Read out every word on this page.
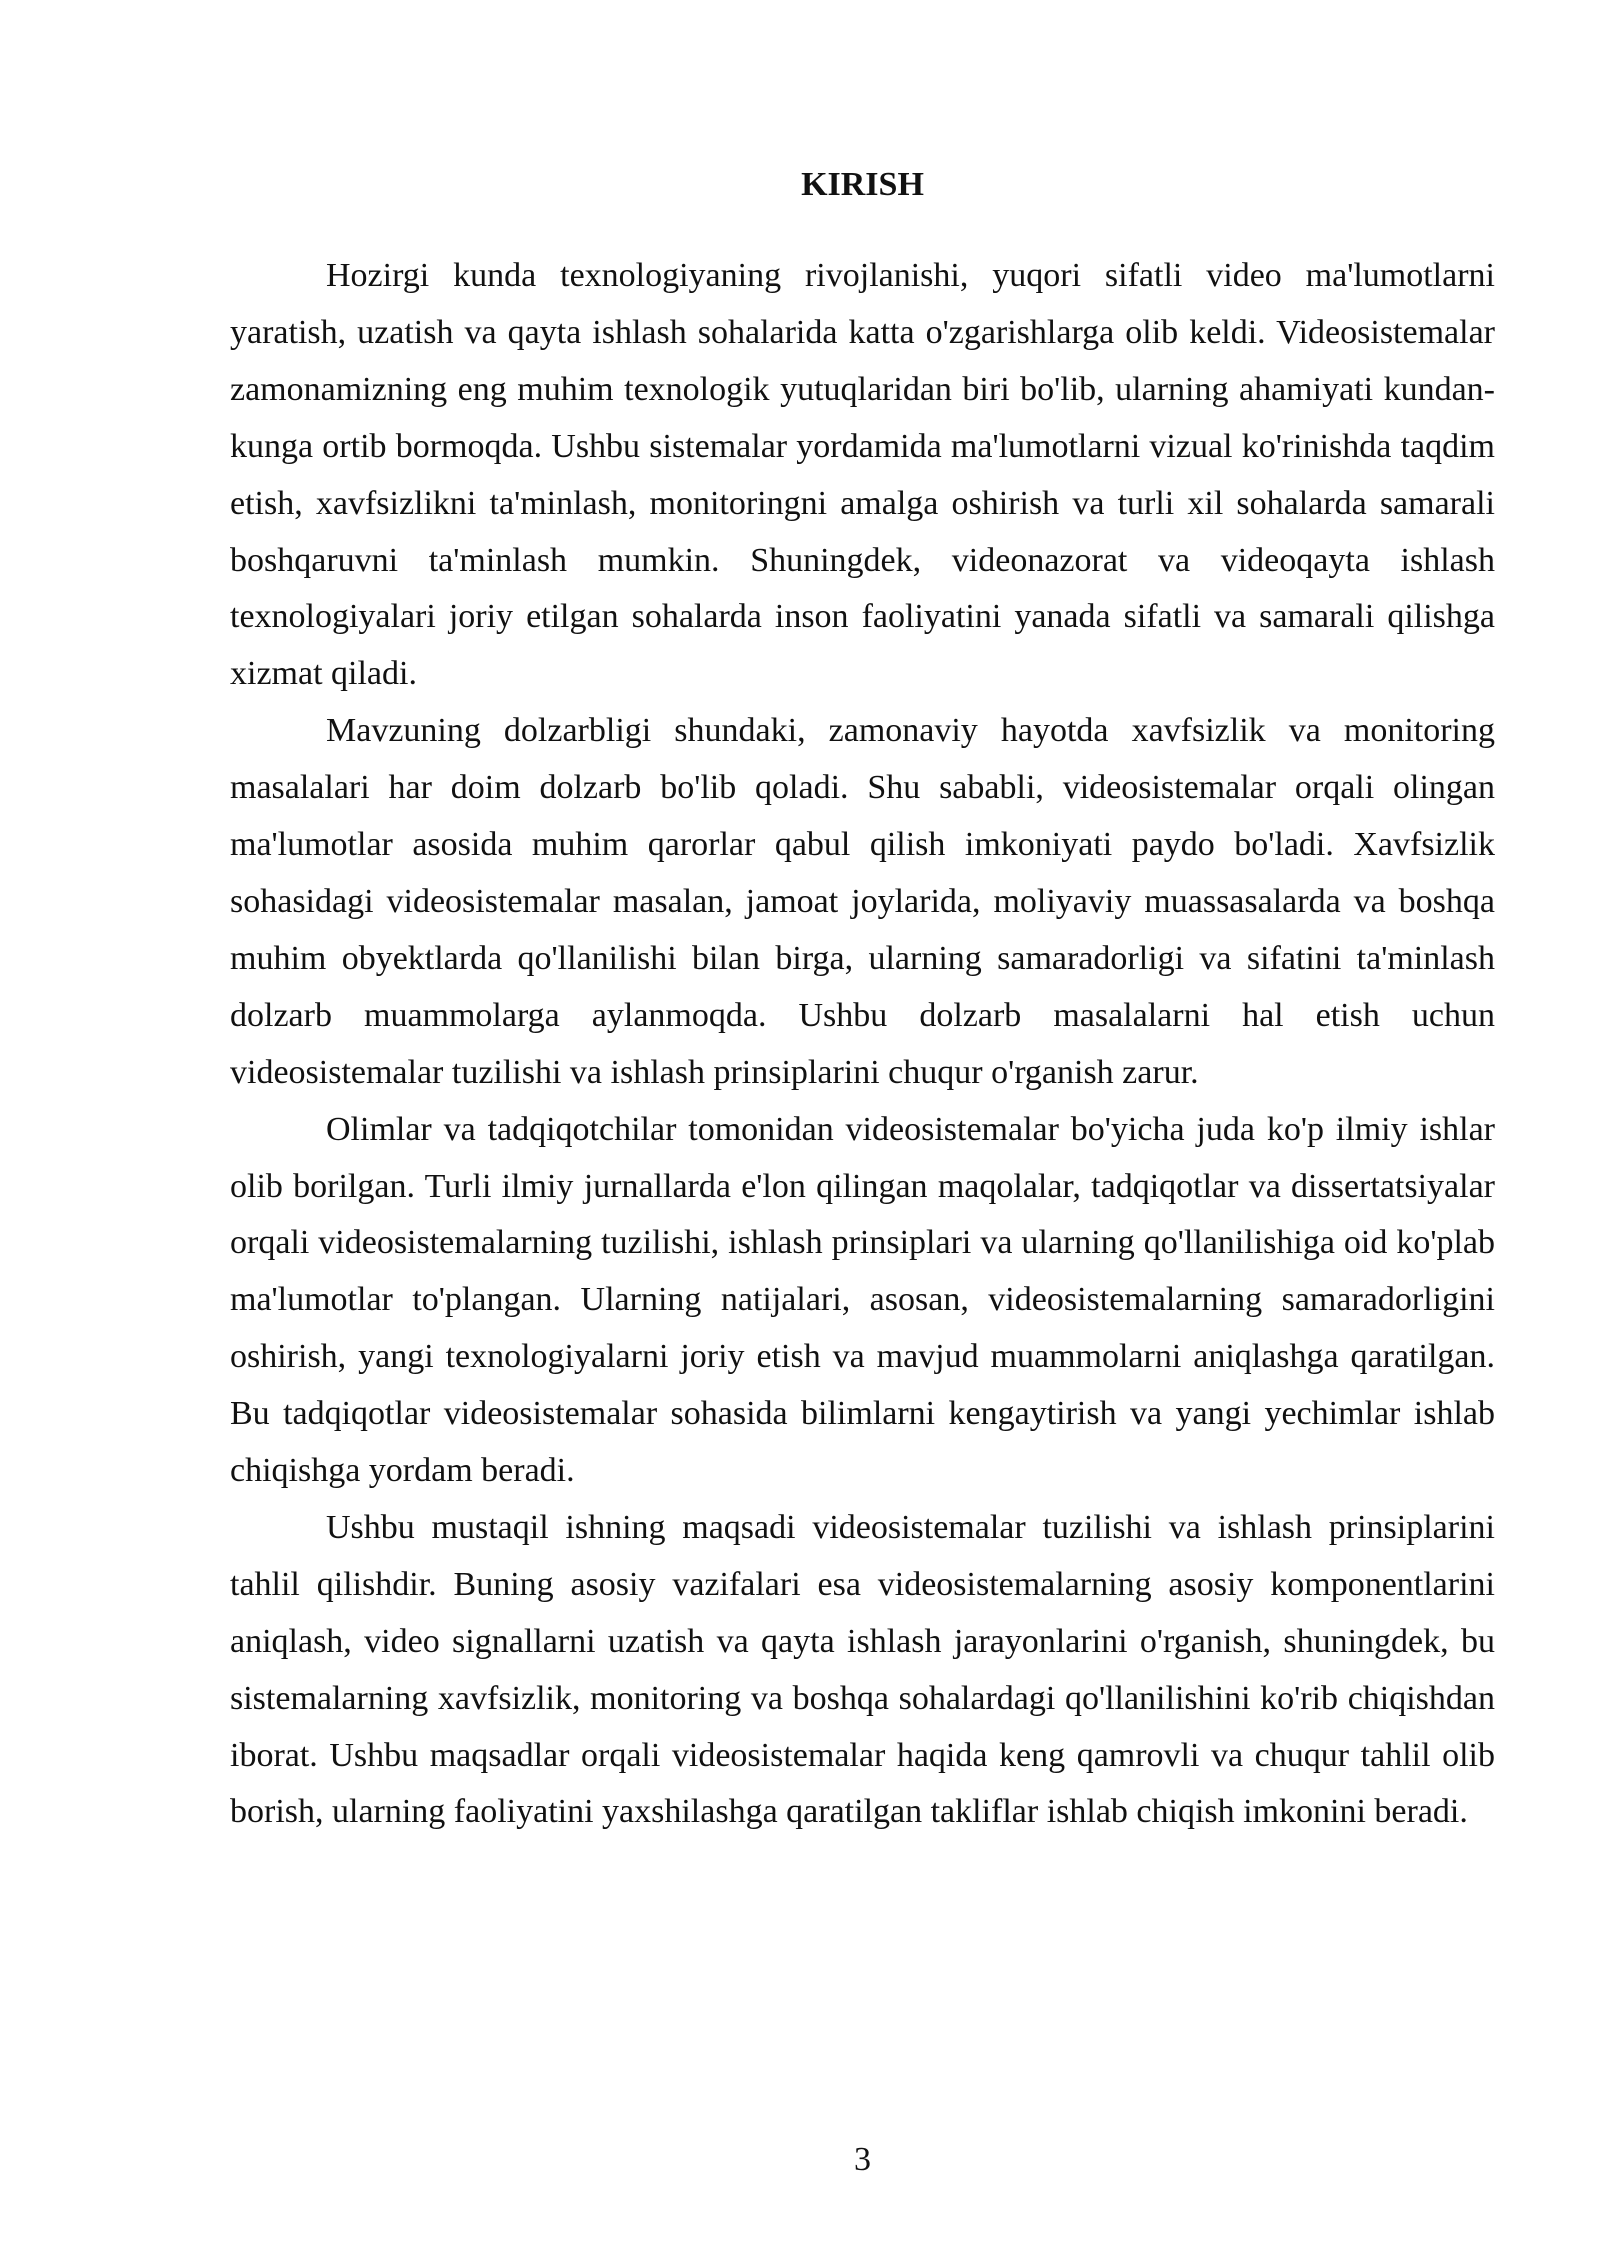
KIRISH

Hozirgi kunda texnologiyaning rivojlanishi, yuqori sifatli video ma'lumotlarni yaratish, uzatish va qayta ishlash sohalarida katta o'zgarishlarga olib keldi. Videosistemalar zamonamizning eng muhim texnologik yutuqlaridan biri bo'lib, ularning ahamiyati kundan-kunga ortib bormoqda. Ushbu sistemalar yordamida ma'lumotlarni vizual ko'rinishda taqdim etish, xavfsizlikni ta'minlash, monitoringni amalga oshirish va turli xil sohalarda samarali boshqaruvni ta'minlash mumkin. Shuningdek, videonazorat va videoqayta ishlash texnologiyalari joriy etilgan sohalarda inson faoliyatini yanada sifatli va samarali qilishga xizmat qiladi.

Mavzuning dolzarbligi shundaki, zamonaviy hayotda xavfsizlik va monitoring masalalari har doim dolzarb bo'lib qoladi. Shu sababli, videosistemalar orqali olingan ma'lumotlar asosida muhim qarorlar qabul qilish imkoniyati paydo bo'ladi. Xavfsizlik sohasidagi videosistemalar masalan, jamoat joylarida, moliyaviy muassasalarda va boshqa muhim obyektlarda qo'llanilishi bilan birga, ularning samaradorligi va sifatini ta'minlash dolzarb muammolarga aylanmoqda. Ushbu dolzarb masalalarni hal etish uchun videosistemalar tuzilishi va ishlash prinsiplarini chuqur o'rganish zarur.

Olimlar va tadqiqotchilar tomonidan videosistemalar bo'yicha juda ko'p ilmiy ishlar olib borilgan. Turli ilmiy jurnallarda e'lon qilingan maqolalar, tadqiqotlar va dissertatsiyalar orqali videosistemalarning tuzilishi, ishlash prinsiplari va ularning qo'llanilishiga oid ko'plab ma'lumotlar to'plangan. Ularning natijalari, asosan, videosistemalarning samaradorligini oshirish, yangi texnologiyalarni joriy etish va mavjud muammolarni aniqlashga qaratilgan. Bu tadqiqotlar videosistemalar sohasida bilimlarni kengaytirish va yangi yechimlar ishlab chiqishga yordam beradi.

Ushbu mustaqil ishning maqsadi videosistemalar tuzilishi va ishlash prinsiplarini tahlil qilishdir. Buning asosiy vazifalari esa videosistemalarning asosiy komponentlarini aniqlash, video signallarni uzatish va qayta ishlash jarayonlarini o'rganish, shuningdek, bu sistemalarning xavfsizlik, monitoring va boshqa sohalardagi qo'llanilishini ko'rib chiqishdan iborat. Ushbu maqsadlar orqali videosistemalar haqida keng qamrovli va chuqur tahlil olib borish, ularning faoliyatini yaxshilashga qaratilgan takliflar ishlab chiqish imkonini beradi.

3
